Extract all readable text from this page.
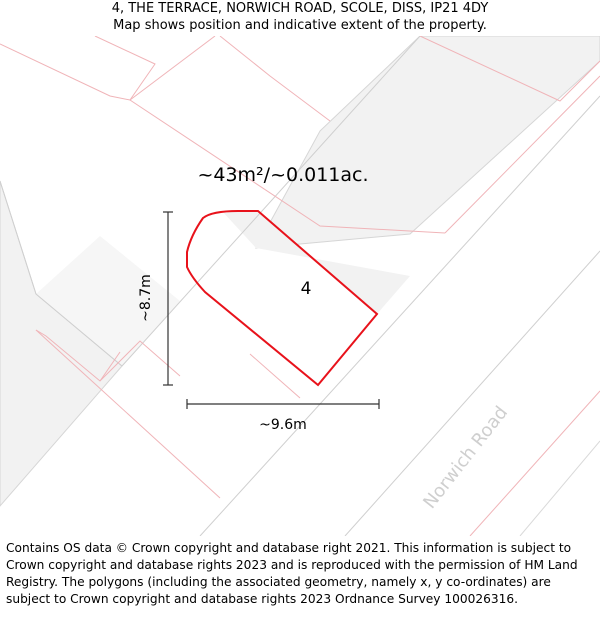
4, THE TERRACE, NORWICH ROAD, SCOLE, DISS, IP21 4DY
Map shows position and indicative extent of the property.
~43m²/~0.011ac.
4
~8.7m
~9.6m	Norwich Road
Contains OS data © Crown copyright and database right 2021. This information is subject to Crown copyright and database rights 2023 and is reproduced with the permission of HM Land Registry. The polygons (including the associated geometry, namely x, y co-ordinates) are subject to Crown copyright and database rights 2023 Ordnance Survey 100026316.
